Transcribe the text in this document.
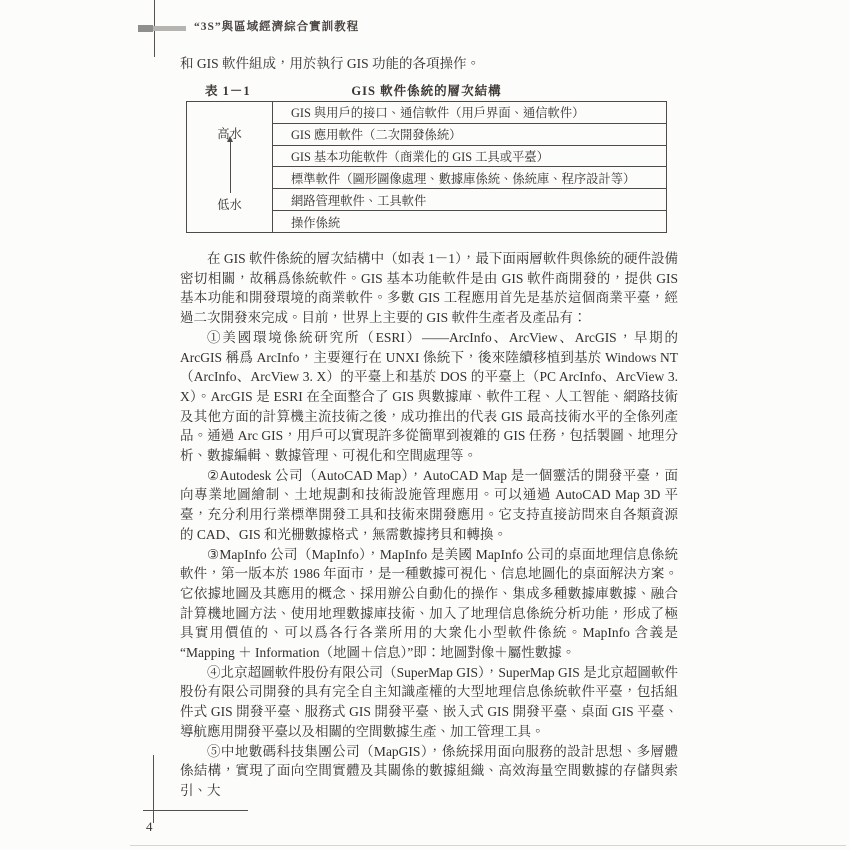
“3S”與區域經濟綜合實訓教程
和 GIS 軟件組成，用於執行 GIS 功能的各項操作。
GIS 軟件係統的層次結構
表 1－1
高水
低水
GIS 與用戶的接口、通信軟件（用戶界面、通信軟件）
GIS 應用軟件（二次開發係統）
GIS 基本功能軟件（商業化的 GIS 工具或平臺）
標準軟件（圖形圖像處理、數據庫係統、係統庫、程序設計等）
網路管理軟件、工具軟件
操作係統

在 GIS 軟件係統的層次結構中（如表 1－1），最下面兩層軟件與係統的硬件設備密切相關，故稱爲係統軟件。GIS 基本功能軟件是由 GIS 軟件商開發的，提供 GIS 基本功能和開發環境的商業軟件。多數 GIS 工程應用首先是基於這個商業平臺，經過二次開發來完成。目前，世界上主要的 GIS 軟件生產者及產品有：

①美國環境係統研究所（ESRI）——ArcInfo、ArcView、ArcGIS，早期的 ArcGIS 稱爲 ArcInfo，主要運行在 UNXI 係統下，後來陸續移植到基於 Windows NT（ArcInfo、ArcView 3. X）的平臺上和基於 DOS 的平臺上（PC ArcInfo、ArcView 3. X）。ArcGIS 是 ESRI 在全面整合了 GIS 與數據庫、軟件工程、人工智能、網路技術及其他方面的計算機主流技術之後，成功推出的代表 GIS 最高技術水平的全係列產品。通過 Arc GIS，用戶可以實現許多從簡單到複雜的 GIS 任務，包括製圖、地理分析、數據編輯、數據管理、可視化和空間處理等。

②Autodesk 公司（AutoCAD Map），AutoCAD Map 是一個靈活的開發平臺，面向專業地圖繪制、土地規劃和技術設施管理應用。可以通過 AutoCAD Map 3D 平臺，充分利用行業標準開發工具和技術來開發應用。它支持直接訪問來自各類資源的 CAD、GIS 和光栅數據格式，無需數據拷貝和轉換。

③MapInfo 公司（MapInfo），MapInfo 是美國 MapInfo 公司的桌面地理信息係統軟件，第一版本於 1986 年面市，是一種數據可視化、信息地圖化的桌面解決方案。它依據地圖及其應用的概念、採用辦公自動化的操作、集成多種數據庫數據、融合計算機地圖方法、使用地理數據庫技術、加入了地理信息係統分析功能，形成了極具實用價值的、可以爲各行各業所用的大衆化小型軟件係統。MapInfo 含義是“Mapping ＋ Information（地圖＋信息）”即：地圖對像＋屬性數據。

④北京超圖軟件股份有限公司（SuperMap GIS），SuperMap GIS 是北京超圖軟件股份有限公司開發的具有完全自主知識產權的大型地理信息係統軟件平臺，包括組件式 GIS 開發平臺、服務式 GIS 開發平臺、嵌入式 GIS 開發平臺、桌面 GIS 平臺、導航應用開發平臺以及相關的空間數據生產、加工管理工具。

⑤中地數碼科技集團公司（MapGIS），係統採用面向服務的設計思想、多層體係結構，實現了面向空間實體及其關係的數據組織、高效海量空間數據的存儲與索引、大

4
